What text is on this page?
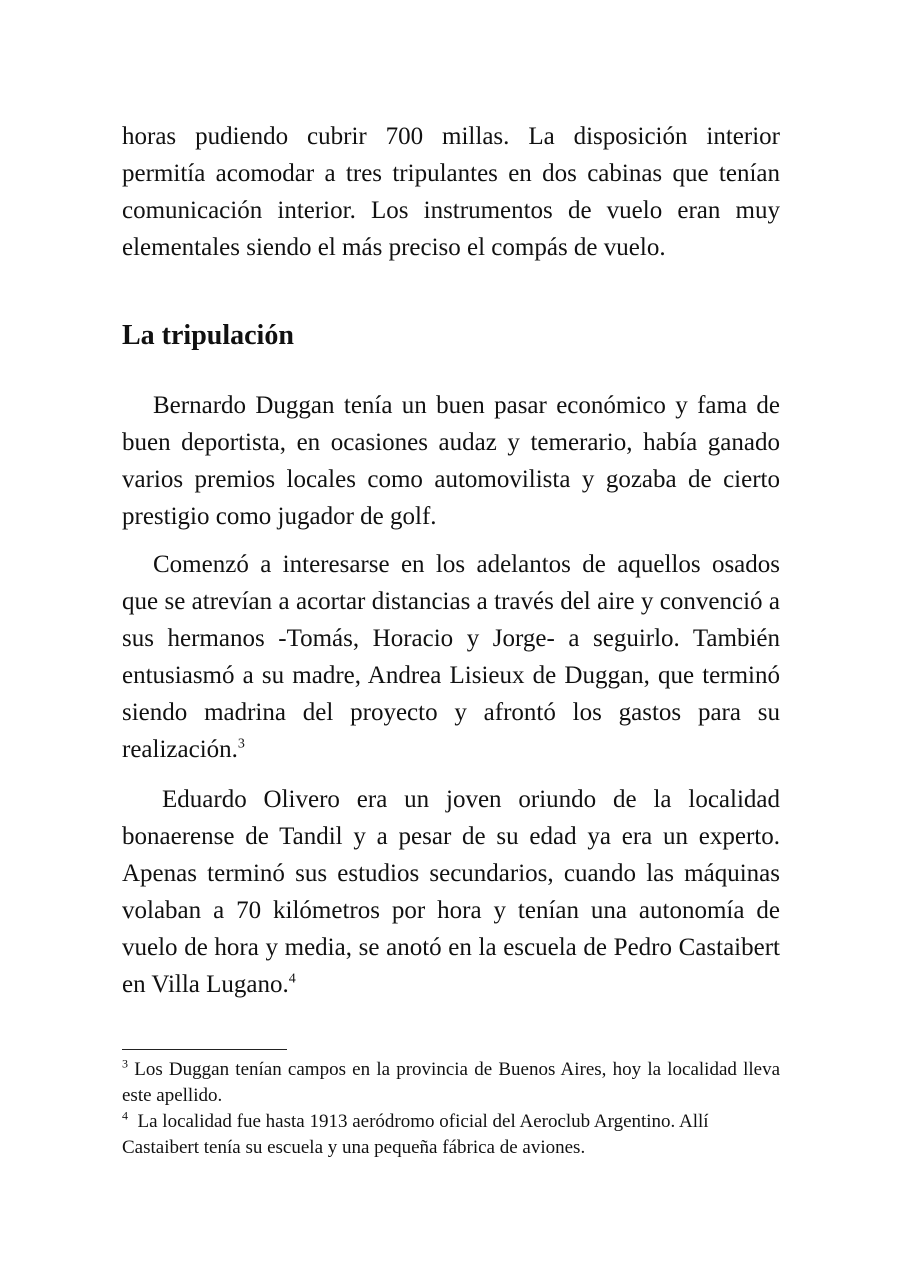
horas pudiendo cubrir 700 millas. La disposición interior permitía acomodar a tres tripulantes en dos cabinas que tenían comunicación interior. Los instrumentos de vuelo eran muy elementales siendo el más preciso el compás de vuelo.

La tripulación

Bernardo Duggan tenía un buen pasar económico y fama de buen deportista, en ocasiones audaz y temerario, había ganado varios premios locales como automovilista y gozaba de cierto prestigio como jugador de golf.

Comenzó a interesarse en los adelantos de aquellos osados que se atrevían a acortar distancias a través del aire y convenció a sus hermanos -Tomás, Horacio y Jorge- a seguirlo. También entusiasmó a su madre, Andrea Lisieux de Duggan, que terminó siendo madrina del proyecto y afrontó los gastos para su realización.$^3$

Eduardo Olivero era un joven oriundo de la localidad bonaerense de Tandil y a pesar de su edad ya era un experto. Apenas terminó sus estudios secundarios, cuando las máquinas volaban a 70 kilómetros por hora y tenían una autonomía de vuelo de hora y media, se anotó en la escuela de Pedro Castaibert en Villa Lugano.$^4$

$^3$ Los Duggan tenían campos en la provincia de Buenos Aires, hoy la localidad lleva este apellido.

$^4$ La localidad fue hasta 1913 aeródromo oficial del Aeroclub Argentino. Allí Castaibert tenía su escuela y una pequeña fábrica de aviones.
